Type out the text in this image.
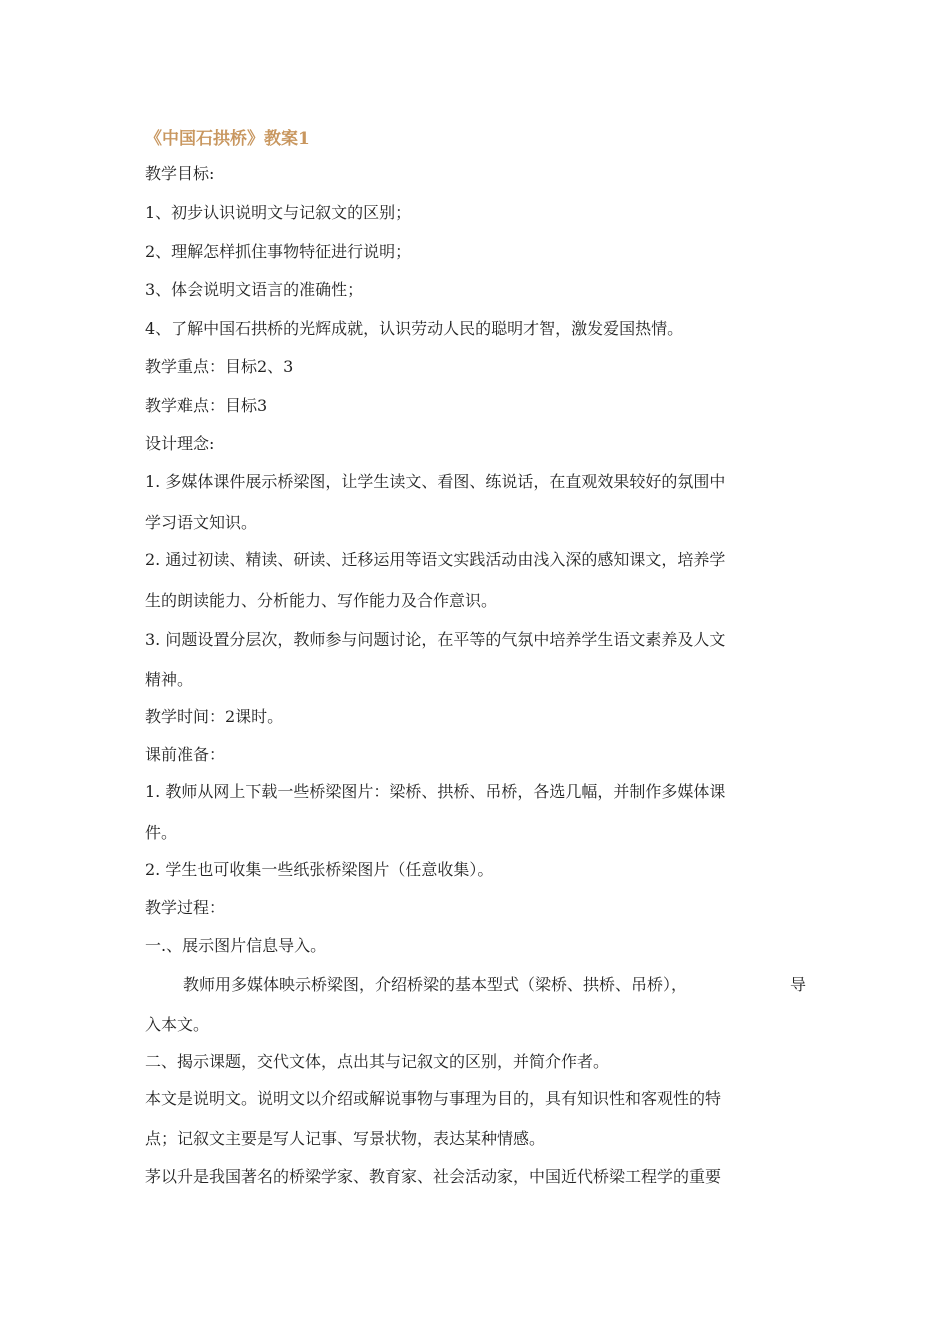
《中国石拱桥》教案1
教学目标:
1、初步认识说明文与记叙文的区别；
2、理解怎样抓住事物特征进行说明；
3、体会说明文语言的准确性；
4、了解中国石拱桥的光辉成就，认识劳动人民的聪明才智，激发爱国热情。
教学重点：目标2、3
教学难点：目标3
设计理念:
1. 多媒体课件展示桥梁图，让学生读文、看图、练说话，在直观效果较好的氛围中
学习语文知识。
2. 通过初读、精读、研读、迁移运用等语文实践活动由浅入深的感知课文，培养学
生的朗读能力、分析能力、写作能力及合作意识。
3. 问题设置分层次，教师参与问题讨论，在平等的气氛中培养学生语文素养及人文
精神。
教学时间：2课时。
课前准备：
1. 教师从网上下载一些桥梁图片：梁桥、拱桥、吊桥，各选几幅，并制作多媒体课
件。
2. 学生也可收集一些纸张桥梁图片（任意收集）。
教学过程：
一.、展示图片信息导入。
教师用多媒体映示桥梁图，介绍桥梁的基本型式（梁桥、拱桥、吊桥），	导
入本文。
二、揭示课题，交代文体，点出其与记叙文的区别，并简介作者。
本文是说明文。说明文以介绍或解说事物与事理为目的，具有知识性和客观性的特
点；记叙文主要是写人记事、写景状物，表达某种情感。
茅以升是我国著名的桥梁学家、教育家、社会活动家，中国近代桥梁工程学的重要
